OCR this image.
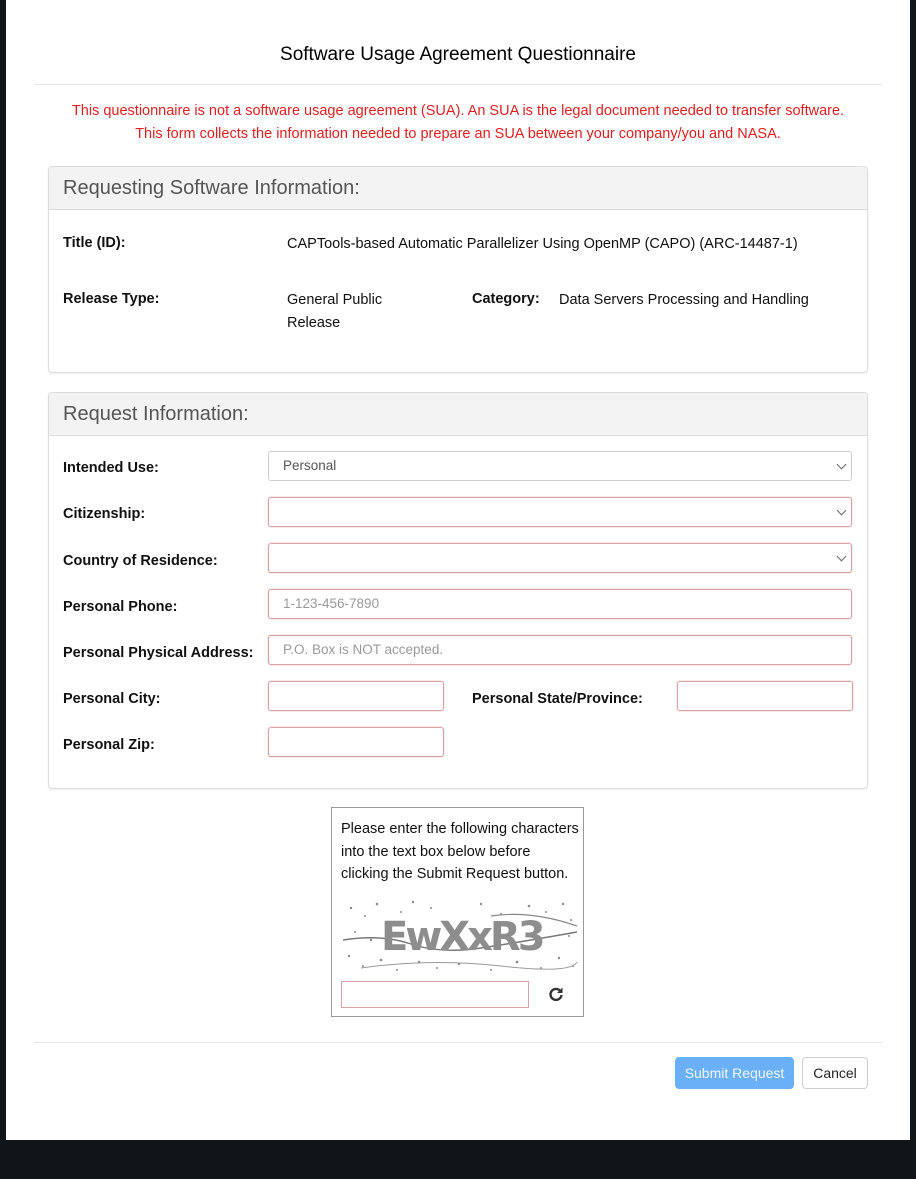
Software Usage Agreement Questionnaire
This questionnaire is not a software usage agreement (SUA). An SUA is the legal document needed to transfer software.
This form collects the information needed to prepare an SUA between your company/you and NASA.
Requesting Software Information:
Title (ID):	CAPTools-based Automatic Parallelizer Using OpenMP (CAPO) (ARC-14487-1)
Release Type:	General Public
Release
Category: Data Servers Processing and Handling
Request Information:
Intended Use:	Personal
Citizenship:
Country of Residence:
Personal Phone:	1-123-456-7890
Personal Physical Address:	P.O. Box is NOT accepted.
Personal City:	Personal State/Province:
Personal Zip:
Please enter the following characters
into the text box below before
clicking the Submit Request button.
EwXxR3
Submit Request	Cancel
